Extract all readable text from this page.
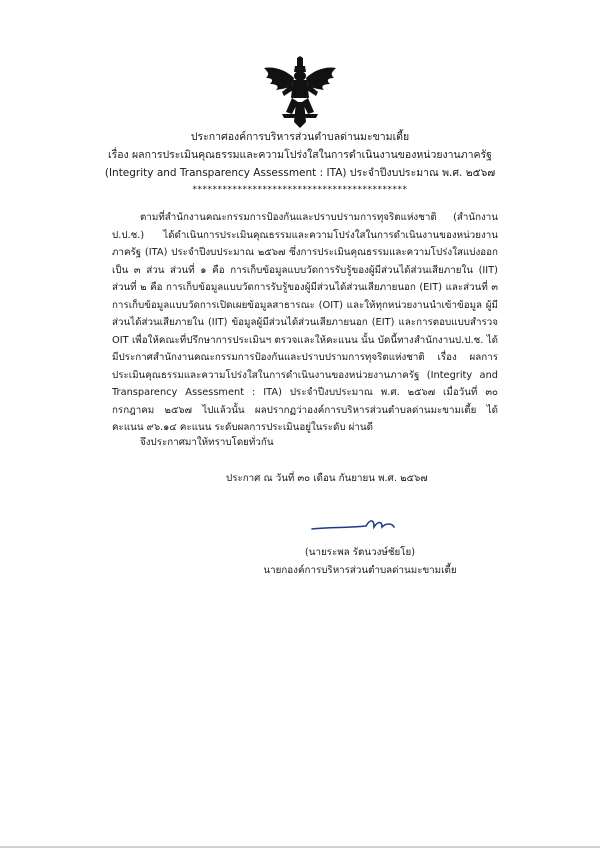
ประกาศองค์การบริหารส่วนตำบลด่านมะขามเตี้ย
เรื่อง ผลการประเมินคุณธรรมและความโปร่งใสในการดำเนินงานของหน่วยงานภาครัฐ
(Integrity and Transparency Assessment : ITA) ประจำปีงบประมาณ พ.ศ. ๒๕๖๗
*******************************************
ตามที่สำนักงานคณะกรรมการป้องกันและปราบปรามการทุจริตแห่งชาติ (สำนักงาน ป.ป.ช.) ได้ดำเนินการประเมินคุณธรรมและความโปร่งใสในการดำเนินงานของหน่วยงานภาครัฐ (ITA) ประจำปีงบประมาณ ๒๕๖๗ ซึ่งการประเมินคุณธรรมและความโปร่งใสแบ่งออกเป็น ๓ ส่วน ส่วนที่ ๑ คือ การเก็บข้อมูลแบบวัดการรับรู้ของผู้มีส่วนได้ส่วนเสียภายใน (IIT) ส่วนที่ ๒ คือ การเก็บข้อมูลแบบวัดการรับรู้ของผู้มีส่วนได้ส่วนเสียภายนอก (EIT) และส่วนที่ ๓ การเก็บข้อมูลแบบวัดการเปิดเผยข้อมูลสาธารณะ (OIT) และให้ทุกหน่วยงานนำเข้าข้อมูล ผู้มีส่วนได้ส่วนเสียภายใน (IIT) ข้อมูลผู้มีส่วนได้ส่วนเสียภายนอก (EIT) และการตอบแบบสำรวจ OIT เพื่อให้คณะที่ปรึกษาการประเมินฯ ตรวจและให้คะแนน นั้น บัดนี้ทางสำนักงานป.ป.ช. ได้มีประกาศสำนักงานคณะกรรมการป้องกันและปราบปรามการทุจริตแห่งชาติ เรื่อง ผลการประเมินคุณธรรมและความโปร่งใสในการดำเนินงานของหน่วยงานภาครัฐ (Integrity and Transparency Assessment : ITA) ประจำปีงบประมาณ พ.ศ. ๒๕๖๗ เมื่อวันที่ ๓๐ กรกฎาคม ๒๕๖๗ ไปแล้วนั้น ผลปรากฏว่าองค์การบริหารส่วนตำบลด่านมะขามเตี้ย ได้คะแนน ๙๖.๑๔ คะแนน ระดับผลการประเมินอยู่ในระดับ ผ่านดี
จึงประกาศมาให้ทราบโดยทั่วกัน
ประกาศ ณ วันที่ ๓๐ เดือน กันยายน พ.ศ. ๒๕๖๗
(นายระพล รัตนวงษ์ชัยโย)
นายกองค์การบริหารส่วนตำบลด่านมะขามเตี้ย
